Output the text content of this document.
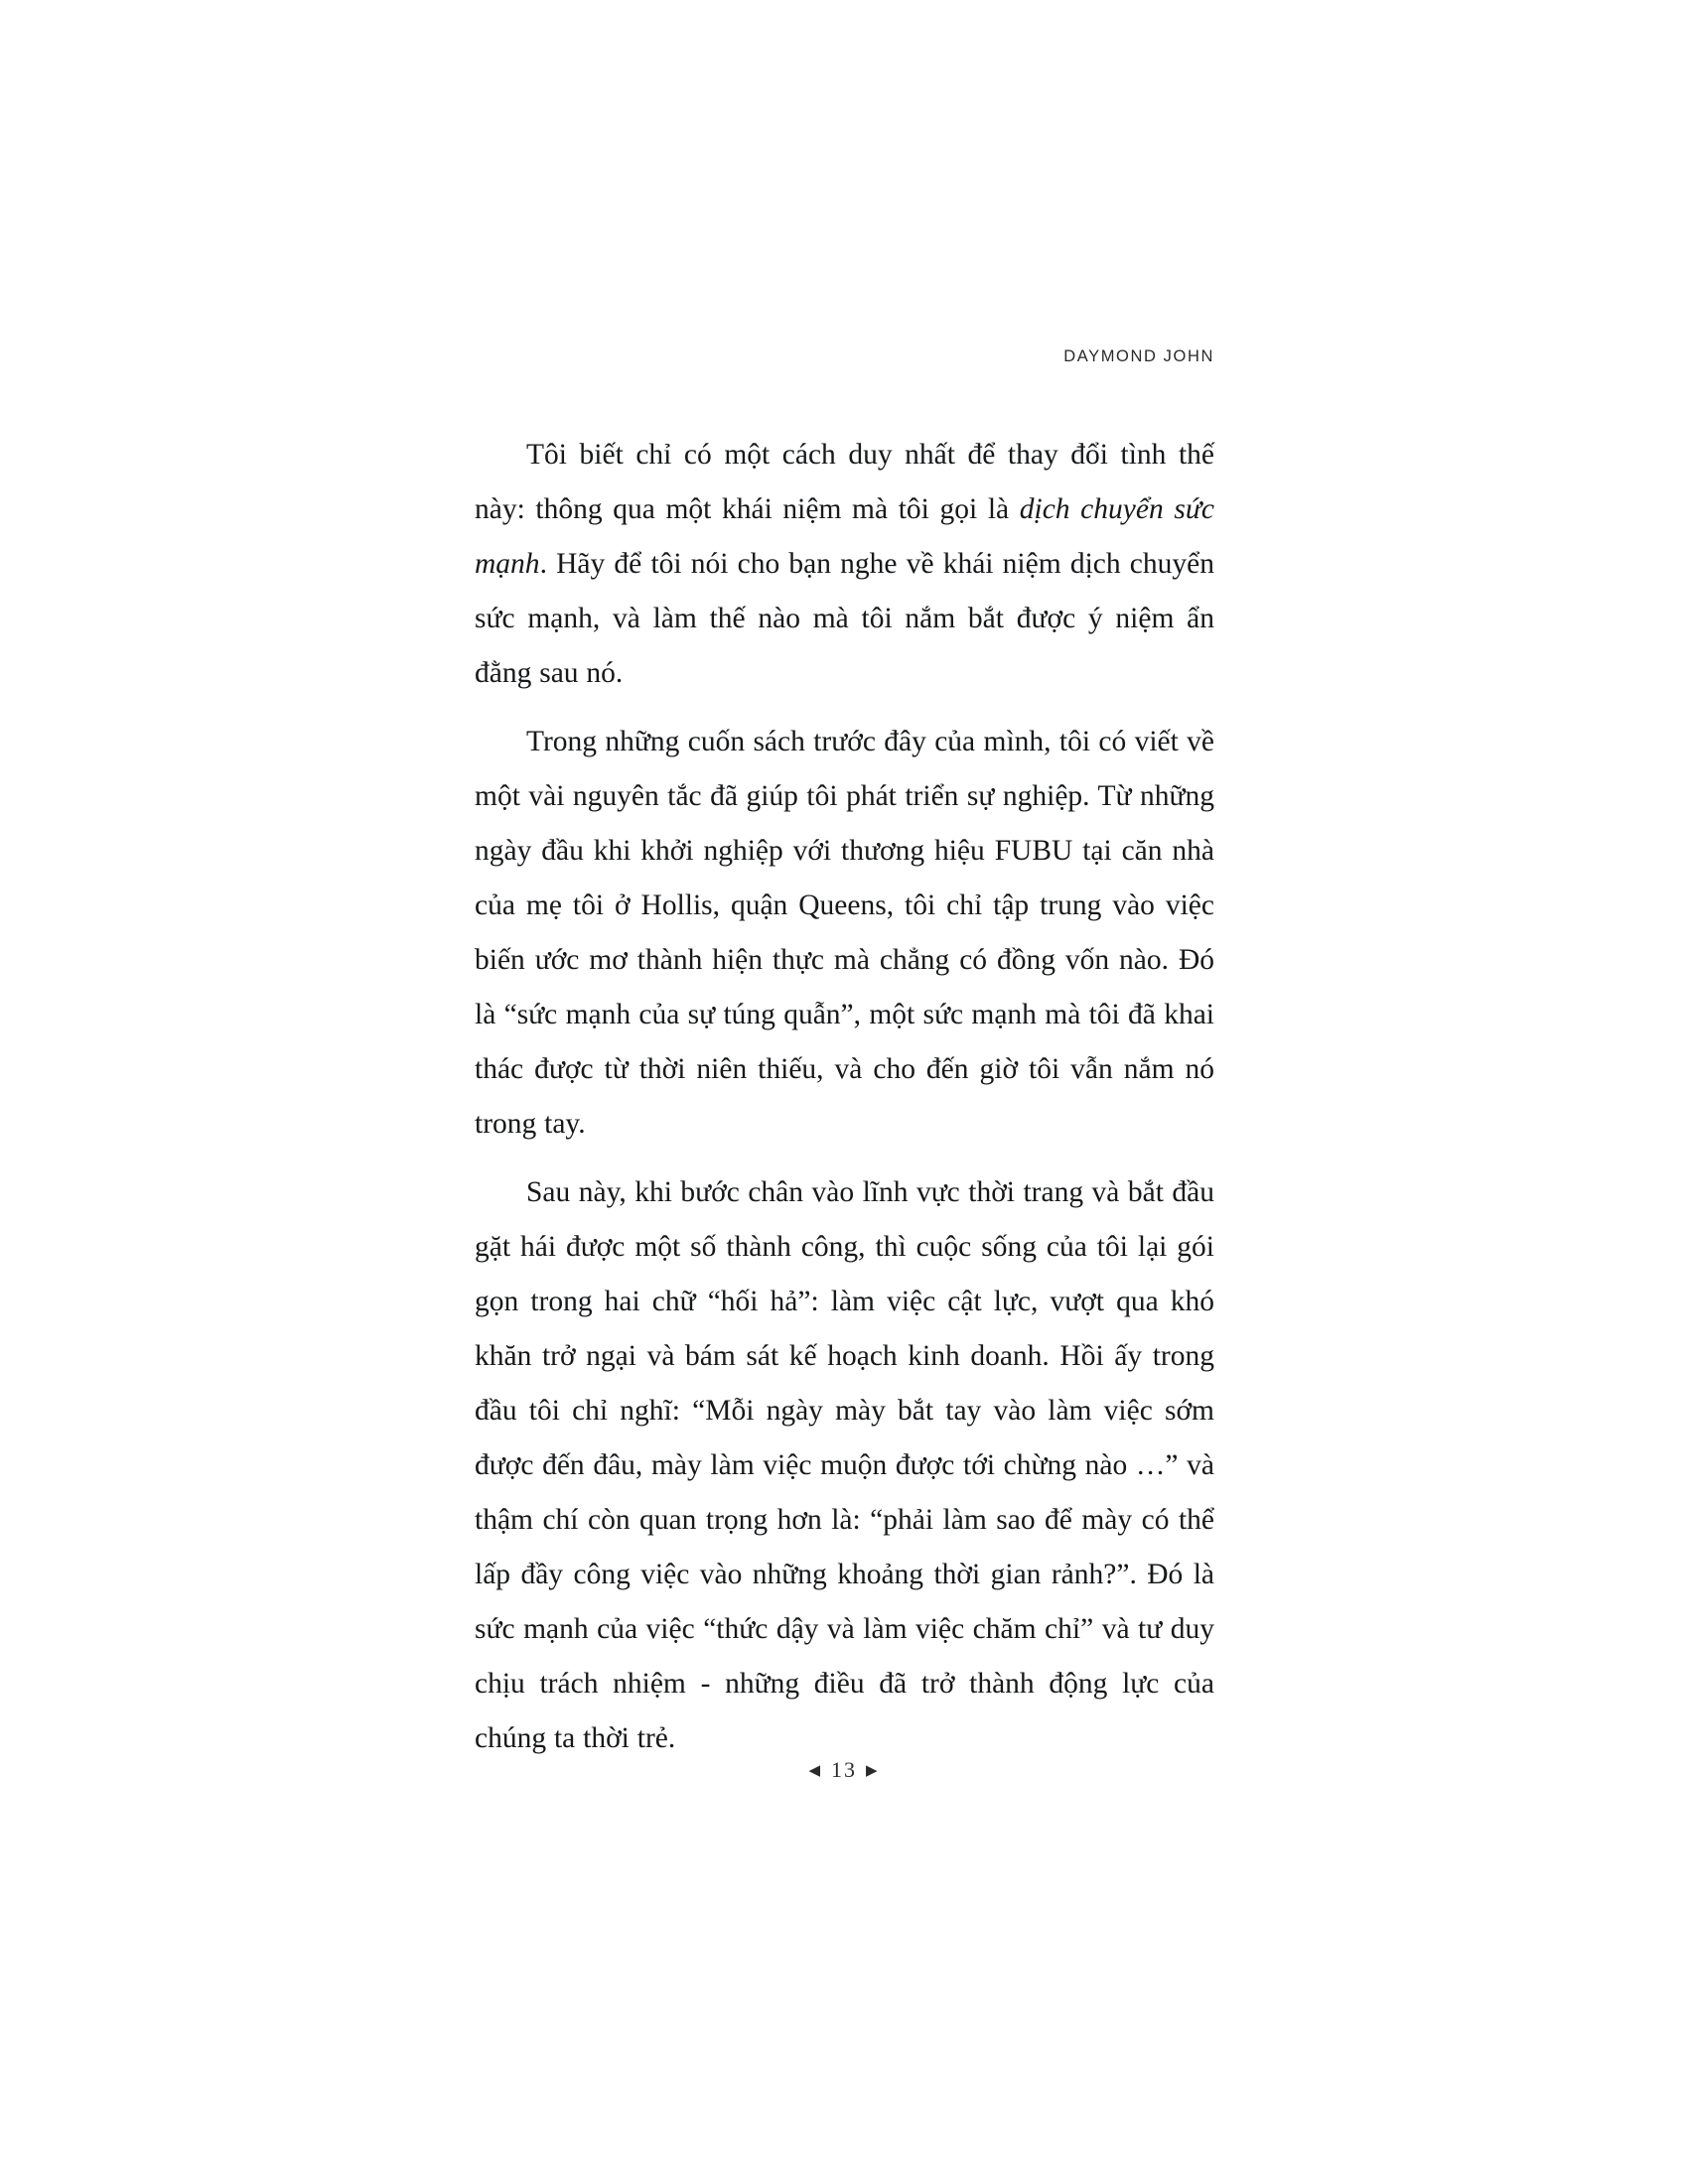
DAYMOND JOHN

Tôi biết chỉ có một cách duy nhất để thay đổi tình thế này: thông qua một khái niệm mà tôi gọi là dịch chuyển sức mạnh. Hãy để tôi nói cho bạn nghe về khái niệm dịch chuyển sức mạnh, và làm thế nào mà tôi nắm bắt được ý niệm ẩn đằng sau nó.

Trong những cuốn sách trước đây của mình, tôi có viết về một vài nguyên tắc đã giúp tôi phát triển sự nghiệp. Từ những ngày đầu khi khởi nghiệp với thương hiệu FUBU tại căn nhà của mẹ tôi ở Hollis, quận Queens, tôi chỉ tập trung vào việc biến ước mơ thành hiện thực mà chẳng có đồng vốn nào. Đó là “sức mạnh của sự túng quẫn”, một sức mạnh mà tôi đã khai thác được từ thời niên thiếu, và cho đến giờ tôi vẫn nắm nó trong tay.

Sau này, khi bước chân vào lĩnh vực thời trang và bắt đầu gặt hái được một số thành công, thì cuộc sống của tôi lại gói gọn trong hai chữ “hối hả”: làm việc cật lực, vượt qua khó khăn trở ngại và bám sát kế hoạch kinh doanh. Hồi ấy trong đầu tôi chỉ nghĩ: “Mỗi ngày mày bắt tay vào làm việc sớm được đến đâu, mày làm việc muộn được tới chừng nào …” và thậm chí còn quan trọng hơn là: “phải làm sao để mày có thể lấp đầy công việc vào những khoảng thời gian rảnh?”. Đó là sức mạnh của việc “thức dậy và làm việc chăm chỉ” và tư duy chịu trách nhiệm - những điều đã trở thành động lực của chúng ta thời trẻ.

◀ 13 ▶
